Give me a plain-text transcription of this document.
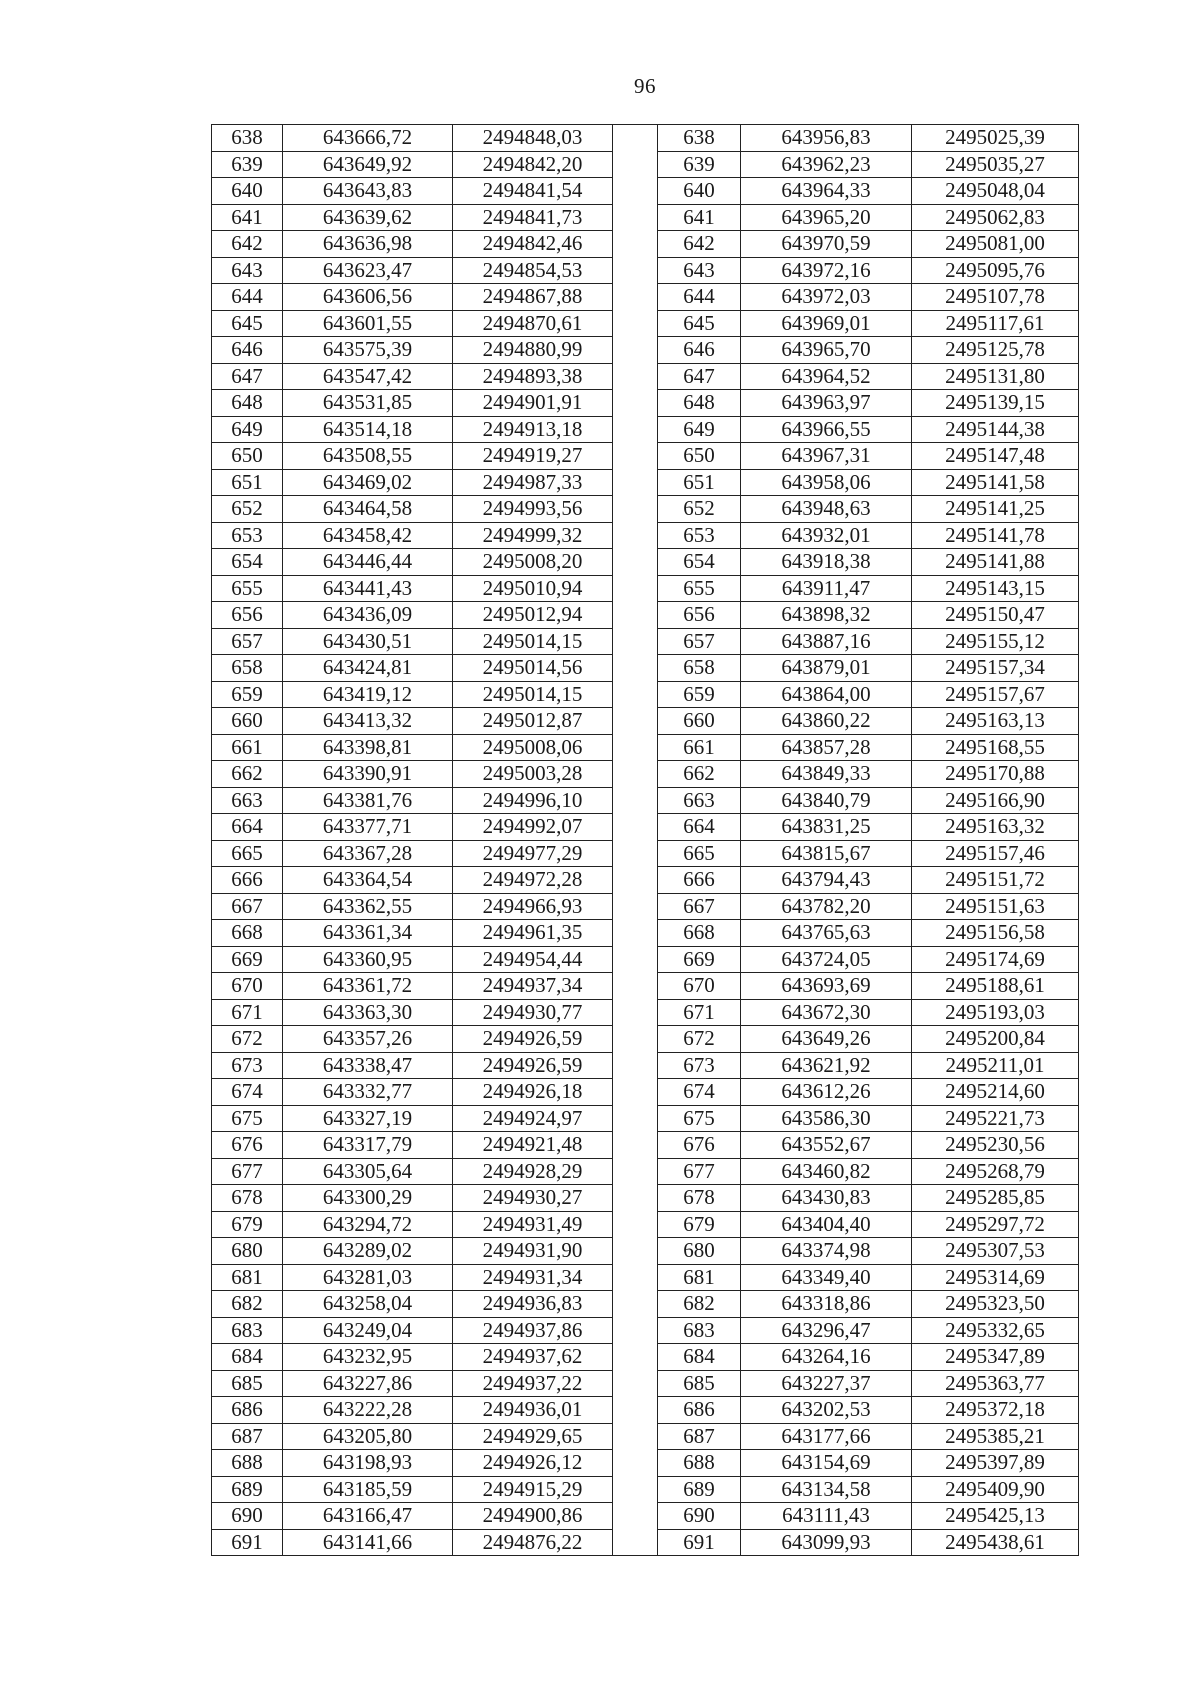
96
638	643666,72	2494848,03		638	643956,83	2495025,39
639	643649,92	2494842,20		639	643962,23	2495035,27
640	643643,83	2494841,54		640	643964,33	2495048,04
641	643639,62	2494841,73		641	643965,20	2495062,83
642	643636,98	2494842,46		642	643970,59	2495081,00
643	643623,47	2494854,53		643	643972,16	2495095,76
644	643606,56	2494867,88		644	643972,03	2495107,78
645	643601,55	2494870,61		645	643969,01	2495117,61
646	643575,39	2494880,99		646	643965,70	2495125,78
647	643547,42	2494893,38		647	643964,52	2495131,80
648	643531,85	2494901,91		648	643963,97	2495139,15
649	643514,18	2494913,18		649	643966,55	2495144,38
650	643508,55	2494919,27		650	643967,31	2495147,48
651	643469,02	2494987,33		651	643958,06	2495141,58
652	643464,58	2494993,56		652	643948,63	2495141,25
653	643458,42	2494999,32		653	643932,01	2495141,78
654	643446,44	2495008,20		654	643918,38	2495141,88
655	643441,43	2495010,94		655	643911,47	2495143,15
656	643436,09	2495012,94		656	643898,32	2495150,47
657	643430,51	2495014,15		657	643887,16	2495155,12
658	643424,81	2495014,56		658	643879,01	2495157,34
659	643419,12	2495014,15		659	643864,00	2495157,67
660	643413,32	2495012,87		660	643860,22	2495163,13
661	643398,81	2495008,06		661	643857,28	2495168,55
662	643390,91	2495003,28		662	643849,33	2495170,88
663	643381,76	2494996,10		663	643840,79	2495166,90
664	643377,71	2494992,07		664	643831,25	2495163,32
665	643367,28	2494977,29		665	643815,67	2495157,46
666	643364,54	2494972,28		666	643794,43	2495151,72
667	643362,55	2494966,93		667	643782,20	2495151,63
668	643361,34	2494961,35		668	643765,63	2495156,58
669	643360,95	2494954,44		669	643724,05	2495174,69
670	643361,72	2494937,34		670	643693,69	2495188,61
671	643363,30	2494930,77		671	643672,30	2495193,03
672	643357,26	2494926,59		672	643649,26	2495200,84
673	643338,47	2494926,59		673	643621,92	2495211,01
674	643332,77	2494926,18		674	643612,26	2495214,60
675	643327,19	2494924,97		675	643586,30	2495221,73
676	643317,79	2494921,48		676	643552,67	2495230,56
677	643305,64	2494928,29		677	643460,82	2495268,79
678	643300,29	2494930,27		678	643430,83	2495285,85
679	643294,72	2494931,49		679	643404,40	2495297,72
680	643289,02	2494931,90		680	643374,98	2495307,53
681	643281,03	2494931,34		681	643349,40	2495314,69
682	643258,04	2494936,83		682	643318,86	2495323,50
683	643249,04	2494937,86		683	643296,47	2495332,65
684	643232,95	2494937,62		684	643264,16	2495347,89
685	643227,86	2494937,22		685	643227,37	2495363,77
686	643222,28	2494936,01		686	643202,53	2495372,18
687	643205,80	2494929,65		687	643177,66	2495385,21
688	643198,93	2494926,12		688	643154,69	2495397,89
689	643185,59	2494915,29		689	643134,58	2495409,90
690	643166,47	2494900,86		690	643111,43	2495425,13
691	643141,66	2494876,22		691	643099,93	2495438,61
